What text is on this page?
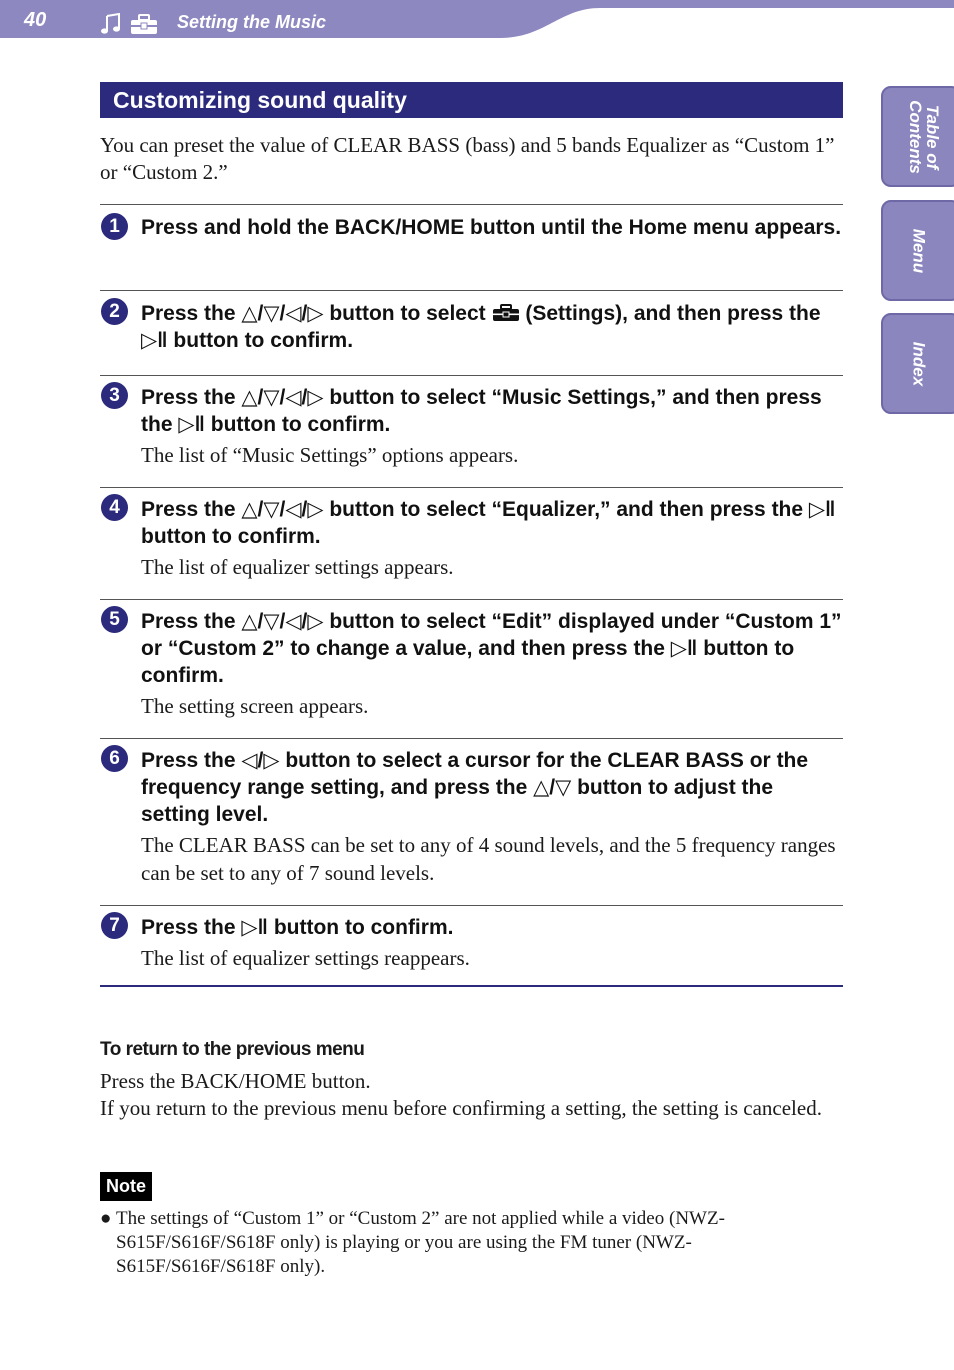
40	Setting the Music
Table of
Contents
Menu
Index
Customizing sound quality
You can preset the value of CLEAR BASS (bass) and 5 bands Equalizer as “Custom 1” or “Custom 2.”
1	Press and hold the BACK/HOME button until the Home menu appears.
2	Press the △/▽/◁/▷ button to select  (Settings), and then press the ▷‖ button to confirm.
3	Press the △/▽/◁/▷ button to select “Music Settings,” and then press the ▷‖ button to confirm.
The list of “Music Settings” options appears.
4	Press the △/▽/◁/▷ button to select “Equalizer,” and then press the ▷‖ button to confirm.
The list of equalizer settings appears.
5	Press the △/▽/◁/▷ button to select “Edit” displayed under “Custom 1” or “Custom 2” to change a value, and then press the ▷‖ button to confirm.
The setting screen appears.
6	Press the ◁/▷ button to select a cursor for the CLEAR BASS or the frequency range setting, and press the △/▽ button to adjust the setting level.
The CLEAR BASS can be set to any of 4 sound levels, and the 5 frequency ranges can be set to any of 7 sound levels.
7	Press the ▷‖ button to confirm.
The list of equalizer settings reappears.
To return to the previous menu
Press the BACK/HOME button.
If you return to the previous menu before confirming a setting, the setting is canceled.
Note
● The settings of “Custom 1” or “Custom 2” are not applied while a video (NWZ-S615F/S616F/S618F only) is playing or you are using the FM tuner (NWZ-S615F/S616F/S618F only).
